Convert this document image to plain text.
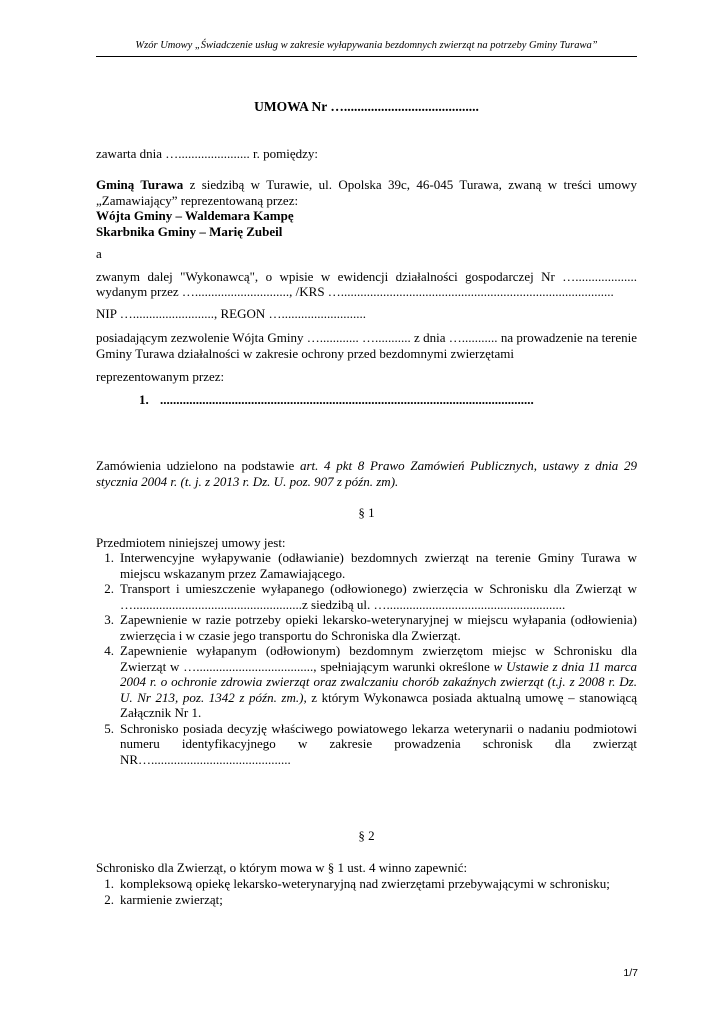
Wzór Umowy „Świadczenie usług w zakresie wyłapywania bezdomnych zwierząt na potrzeby Gminy Turawa”
UMOWA Nr …........................................
zawarta dnia …...................... r. pomiędzy:
Gminą Turawa z siedzibą w Turawie, ul. Opolska 39c, 46-045 Turawa, zwaną w treści umowy „Zamawiający” reprezentowaną przez:
Wójta Gminy – Waldemara Kampę
Skarbnika Gminy – Marię Zubeil
a
zwanym dalej "Wykonawcą", o wpisie w ewidencji działalności gospodarczej Nr …...................
wydanym przez …............................., /KRS …....................................................................................
NIP …........................., REGON …..........................
posiadającym zezwolenie Wójta Gminy …............ …........... z dnia …........... na prowadzenie na terenie Gminy Turawa działalności w zakresie ochrony przed bezdomnymi zwierzętami
reprezentowanym przez:
1. ...................................................................................................................
Zamówienia udzielono na podstawie art. 4 pkt 8 Prawo Zamówień Publicznych, ustawy z dnia 29 stycznia 2004 r. (t. j. z 2013 r. Dz. U. poz. 907 z późn. zm).
§ 1
Przedmiotem niniejszej umowy jest:
1. Interwencyjne wyłapywanie (odławianie) bezdomnych zwierząt na terenie Gminy Turawa w miejscu wskazanym przez Zamawiającego.
2. Transport i umieszczenie wyłapanego (odłowionego) zwierzęcia w Schronisku dla Zwierząt w …....................................................z siedzibą ul. ….......................................................
3. Zapewnienie w razie potrzeby opieki lekarsko-weterynaryjnej w miejscu wyłapania (odłowienia) zwierzęcia i w czasie jego transportu do Schroniska dla Zwierząt.
4. Zapewnienie wyłapanym (odłowionym) bezdomnym zwierzętom miejsc w Schronisku dla Zwierząt w …...................................., spełniającym warunki określone w Ustawie z dnia 11 marca 2004 r. o ochronie zdrowia zwierząt oraz zwalczaniu chorób zakaźnych zwierząt (t.j. z 2008 r. Dz. U. Nr 213, poz. 1342 z późn. zm.), z którym Wykonawca posiada aktualną umowę – stanowiącą Załącznik Nr 1.
5. Schronisko posiada decyzję właściwego powiatowego lekarza weterynarii o nadaniu podmiotowi numeru identyfikacyjnego w zakresie prowadzenia schronisk dla zwierząt NR…...........................................
§ 2
Schronisko dla Zwierząt, o którym mowa w § 1 ust. 4 winno zapewnić:
1. kompleksową opiekę lekarsko-weterynaryjną nad zwierzętami przebywającymi w schronisku;
2. karmienie zwierząt;
1/7
